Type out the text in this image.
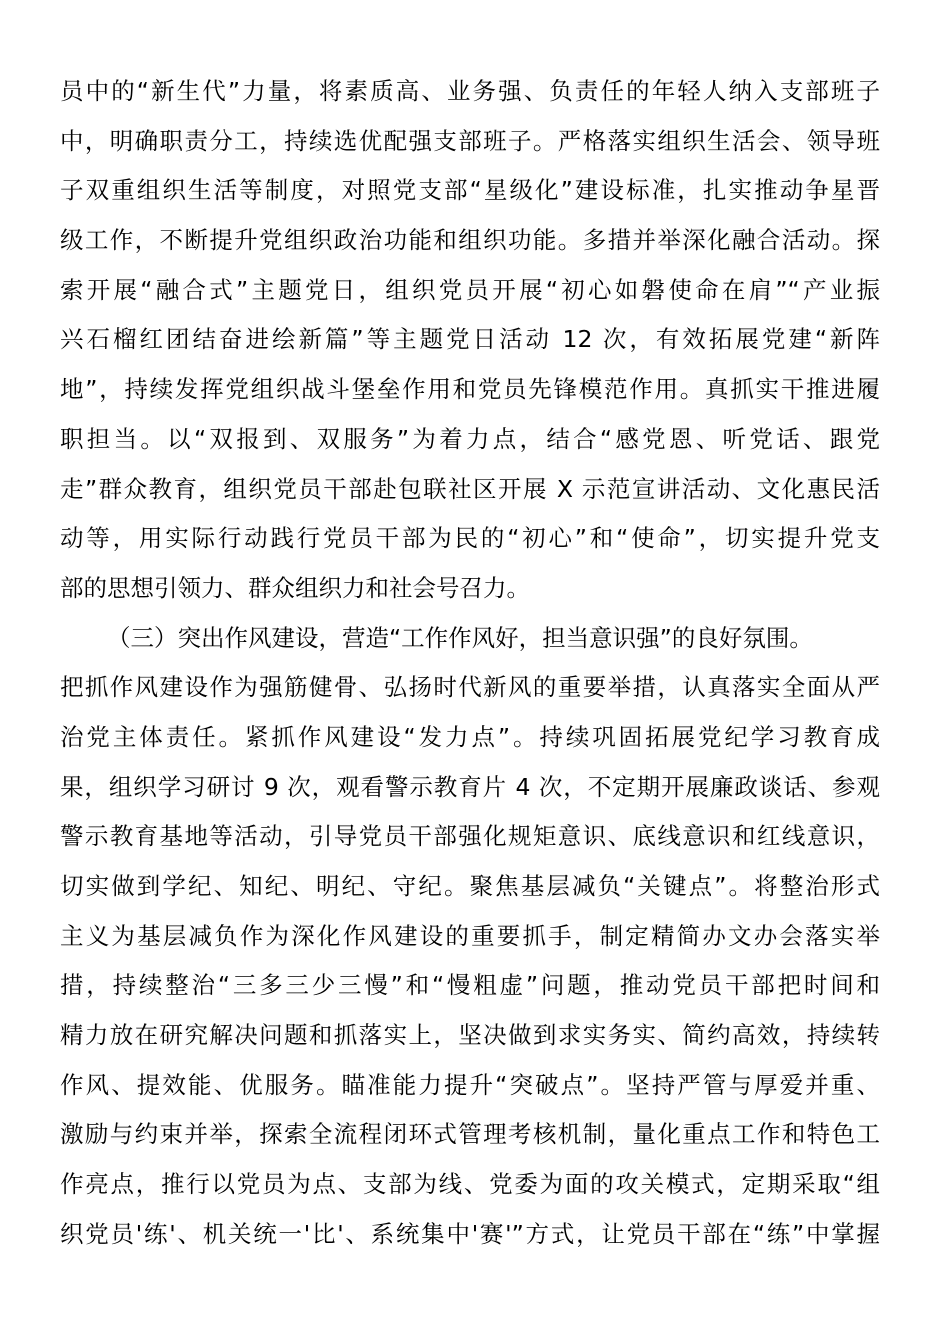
员中的“新生代”力量，将素质高、业务强、负责任的年轻人纳入支部班子
中，明确职责分工，持续选优配强支部班子。严格落实组织生活会、领导班
子双重组织生活等制度，对照党支部“星级化”建设标准，扎实推动争星晋
级工作，不断提升党组织政治功能和组织功能。多措并举深化融合活动。探
索开展“融合式”主题党日，组织党员开展“初心如磐使命在肩”“产业振
兴石榴红团结奋进绘新篇”等主题党日活动 12 次，有效拓展党建“新阵
地”，持续发挥党组织战斗堡垒作用和党员先锋模范作用。真抓实干推进履
职担当。以“双报到、双服务”为着力点，结合“感党恩、听党话、跟党
走”群众教育，组织党员干部赴包联社区开展 X 示范宣讲活动、文化惠民活
动等，用实际行动践行党员干部为民的“初心”和“使命”，切实提升党支
部的思想引领力、群众组织力和社会号召力。
（三）突出作风建设，营造“工作作风好，担当意识强”的良好氛围。
把抓作风建设作为强筋健骨、弘扬时代新风的重要举措，认真落实全面从严
治党主体责任。紧抓作风建设“发力点”。持续巩固拓展党纪学习教育成
果，组织学习研讨 9 次，观看警示教育片 4 次，不定期开展廉政谈话、参观
警示教育基地等活动，引导党员干部强化规矩意识、底线意识和红线意识，
切实做到学纪、知纪、明纪、守纪。聚焦基层减负“关键点”。将整治形式
主义为基层减负作为深化作风建设的重要抓手，制定精简办文办会落实举
措，持续整治“三多三少三慢”和“慢粗虚”问题，推动党员干部把时间和
精力放在研究解决问题和抓落实上，坚决做到求实务实、简约高效，持续转
作风、提效能、优服务。瞄准能力提升“突破点”。坚持严管与厚爱并重、
激励与约束并举，探索全流程闭环式管理考核机制，量化重点工作和特色工
作亮点，推行以党员为点、支部为线、党委为面的攻关模式，定期采取“组
织党员'练'、机关统一'比'、系统集中'赛'”方式，让党员干部在“练”中掌握
